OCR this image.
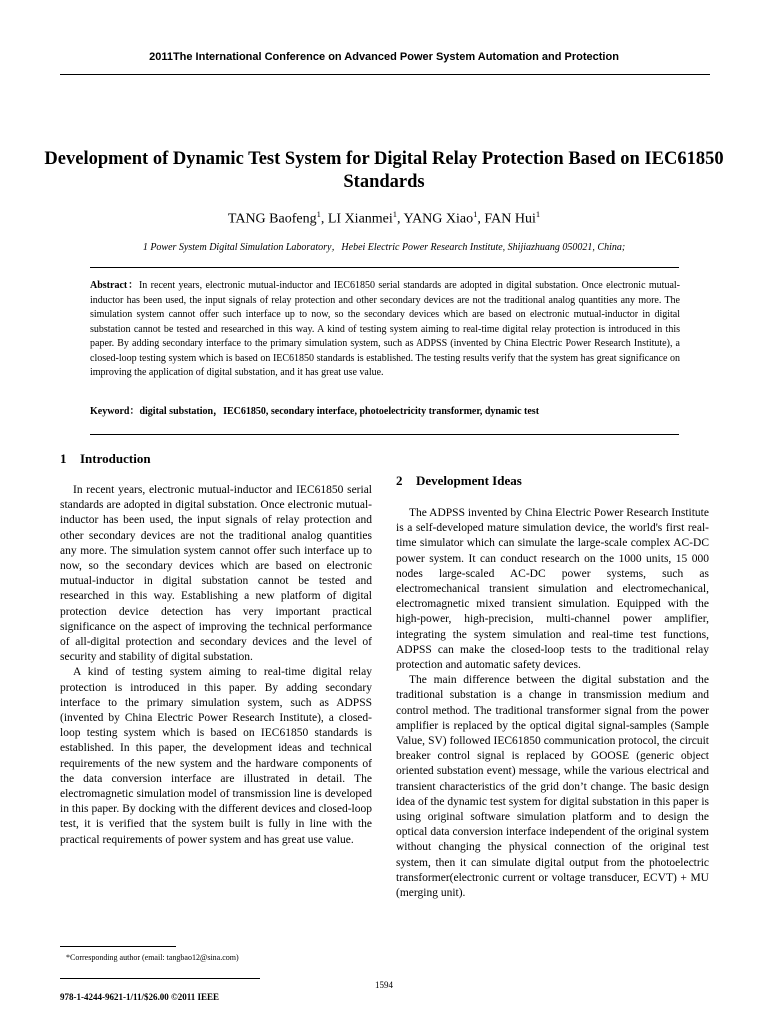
2011The International Conference on Advanced Power System Automation and Protection
Development of Dynamic Test System for Digital Relay Protection Based on IEC61850 Standards
TANG Baofeng$^1$, LI Xianmei$^1$, YANG Xiao$^1$, FAN Hui$^1$
1 Power System Digital Simulation Laboratory，Hebei Electric Power Research Institute, Shijiazhuang 050021, China;
Abstract：In recent years, electronic mutual-inductor and IEC61850 serial standards are adopted in digital substation. Once electronic mutual-inductor has been used, the input signals of relay protection and other secondary devices are not the traditional analog quantities any more. The simulation system cannot offer such interface up to now, so the secondary devices which are based on electronic mutual-inductor in digital substation cannot be tested and researched in this way. A kind of testing system aiming to real-time digital relay protection is introduced in this paper. By adding secondary interface to the primary simulation system, such as ADPSS (invented by China Electric Power Research Institute), a closed-loop testing system which is based on IEC61850 standards is established. The testing results verify that the system has great significance on improving the application of digital substation, and it has great use value.
Keyword：digital substation，IEC61850, secondary interface, photoelectricity transformer, dynamic test
1 Introduction

In recent years, electronic mutual-inductor and IEC61850 serial standards are adopted in digital substation. Once electronic mutual-inductor has been used, the input signals of relay protection and other secondary devices are not the traditional analog quantities any more. The simulation system cannot offer such interface up to now, so the secondary devices which are based on electronic mutual-inductor in digital substation cannot be tested and researched in this way. Establishing a new platform of digital protection device detection has very important practical significance on the aspect of improving the technical performance of all-digital protection and secondary devices and the level of security and stability of digital substation.

A kind of testing system aiming to real-time digital relay protection is introduced in this paper. By adding secondary interface to the primary simulation system, such as ADPSS (invented by China Electric Power Research Institute), a closed-loop testing system which is based on IEC61850 standards is established. In this paper, the development ideas and technical requirements of the new system and the hardware components of the data conversion interface are illustrated in detail. The electromagnetic simulation model of transmission line is developed in this paper. By docking with the different devices and closed-loop test, it is verified that the system built is fully in line with the practical requirements of power system and has great use value.

2 Development Ideas

The ADPSS invented by China Electric Power Research Institute is a self-developed mature simulation device, the world's first real-time simulator which can simulate the large-scale complex AC-DC power system. It can conduct research on the 1000 units, 15 000 nodes large-scaled AC-DC power systems, such as electromechanical transient simulation and electromechanical, electromagnetic mixed transient simulation. Equipped with the high-power, high-precision, multi-channel power amplifier, integrating the system simulation and real-time test functions, ADPSS can make the closed-loop tests to the traditional relay protection and automatic safety devices.

The main difference between the digital substation and the traditional substation is a change in transmission medium and control method. The traditional transformer signal from the power amplifier is replaced by the optical digital signal-samples (Sample Value, SV) followed IEC61850 communication protocol, the circuit breaker control signal is replaced by GOOSE (generic object oriented substation event) message, while the various electrical and transient characteristics of the grid don’t change. The basic design idea of the dynamic test system for digital substation in this paper is using original software simulation platform and to design the optical data conversion interface independent of the original system without changing the physical connection of the original test system, then it can simulate digital output from the photoelectric transformer(electronic current or voltage transducer, ECVT) + MU (merging unit).

*Corresponding author (email: tangbao12@sina.com)
1594
978-1-4244-9621-1/11/$26.00 ©2011 IEEE
